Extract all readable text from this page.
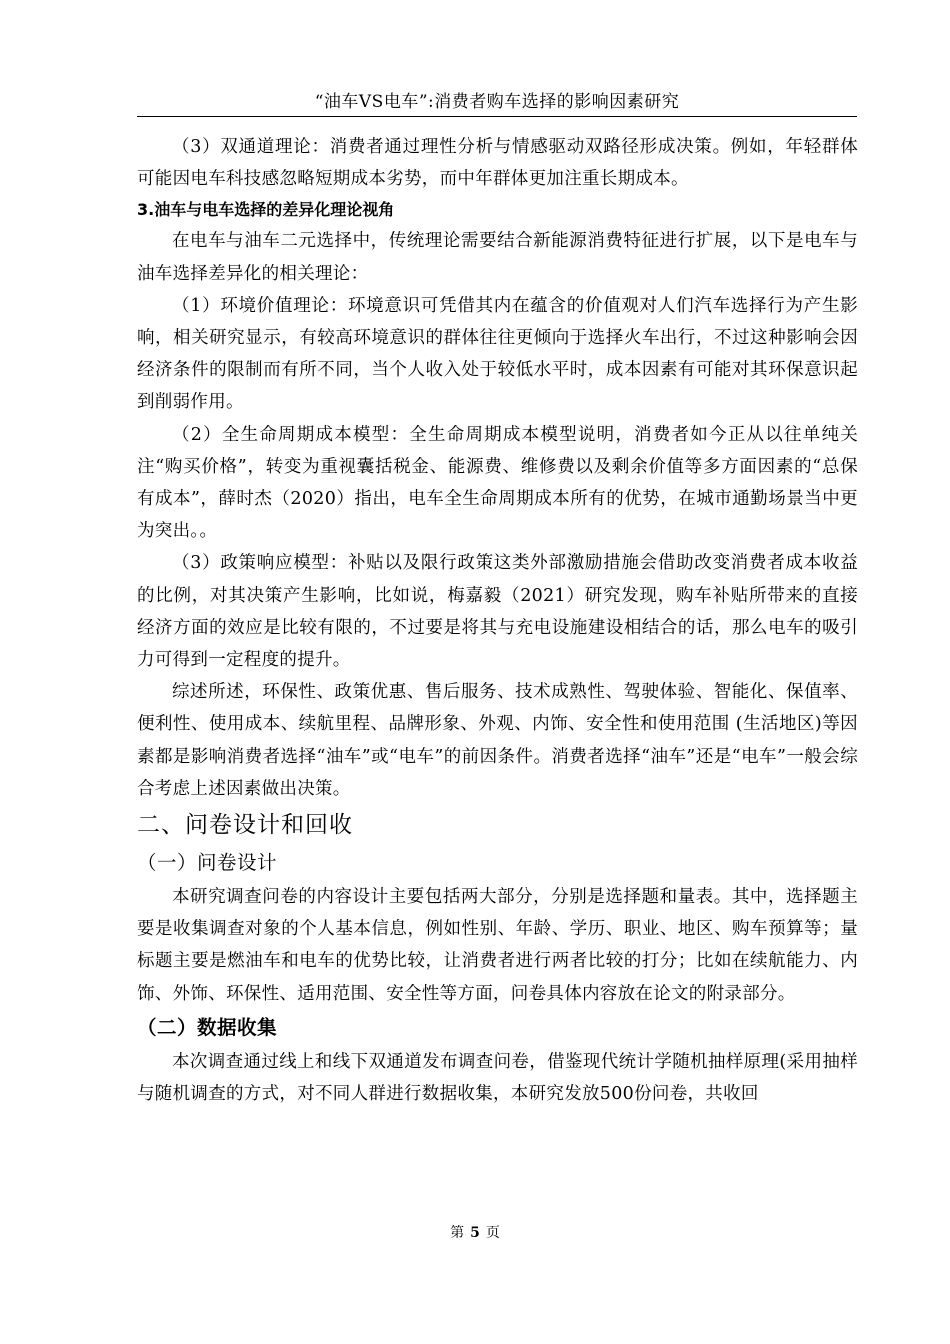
“油车VS电车”:消费者购车选择的影响因素研究

（3）双通道理论：消费者通过理性分析与情感驱动双路径形成决策。例如，年轻群体可能因电车科技感忽略短期成本劣势，而中年群体更加注重长期成本。

3.油车与电车选择的差异化理论视角

在电车与油车二元选择中，传统理论需要结合新能源消费特征进行扩展，以下是电车与油车选择差异化的相关理论：

（1）环境价值理论：环境意识可凭借其内在蕴含的价值观对人们汽车选择行为产生影响，相关研究显示，有较高环境意识的群体往往更倾向于选择火车出行，不过这种影响会因经济条件的限制而有所不同，当个人收入处于较低水平时，成本因素有可能对其环保意识起到削弱作用。

（2）全生命周期成本模型：全生命周期成本模型说明，消费者如今正从以往单纯关注“购买价格”，转变为重视囊括税金、能源费、维修费以及剩余价值等多方面因素的“总保有成本”，薛时杰（2020）指出，电车全生命周期成本所有的优势，在城市通勤场景当中更为突出。。

（3）政策响应模型：补贴以及限行政策这类外部激励措施会借助改变消费者成本收益的比例，对其决策产生影响，比如说，梅嘉毅（2021）研究发现，购车补贴所带来的直接经济方面的效应是比较有限的，不过要是将其与充电设施建设相结合的话，那么电车的吸引力可得到一定程度的提升。

综述所述，环保性、政策优惠、售后服务、技术成熟性、驾驶体验、智能化、保值率、便利性、使用成本、续航里程、品牌形象、外观、内饰、安全性和使用范围 (生活地区)等因素都是影响消费者选择“油车”或“电车”的前因条件。消费者选择“油车”还是“电车”一般会综合考虑上述因素做出决策。

二、问卷设计和回收
（一）问卷设计

本研究调查问卷的内容设计主要包括两大部分，分别是选择题和量表。其中，选择题主要是收集调查对象的个人基本信息，例如性别、年龄、学历、职业、地区、购车预算等；量标题主要是燃油车和电车的优势比较，让消费者进行两者比较的打分；比如在续航能力、内饰、外饰、环保性、适用范围、安全性等方面，问卷具体内容放在论文的附录部分。

（二）数据收集

本次调查通过线上和线下双通道发布调查问卷，借鉴现代统计学随机抽样原理(采用抽样与随机调查的方式，对不同人群进行数据收集，本研究发放500份问卷，共收回

第 5 页
